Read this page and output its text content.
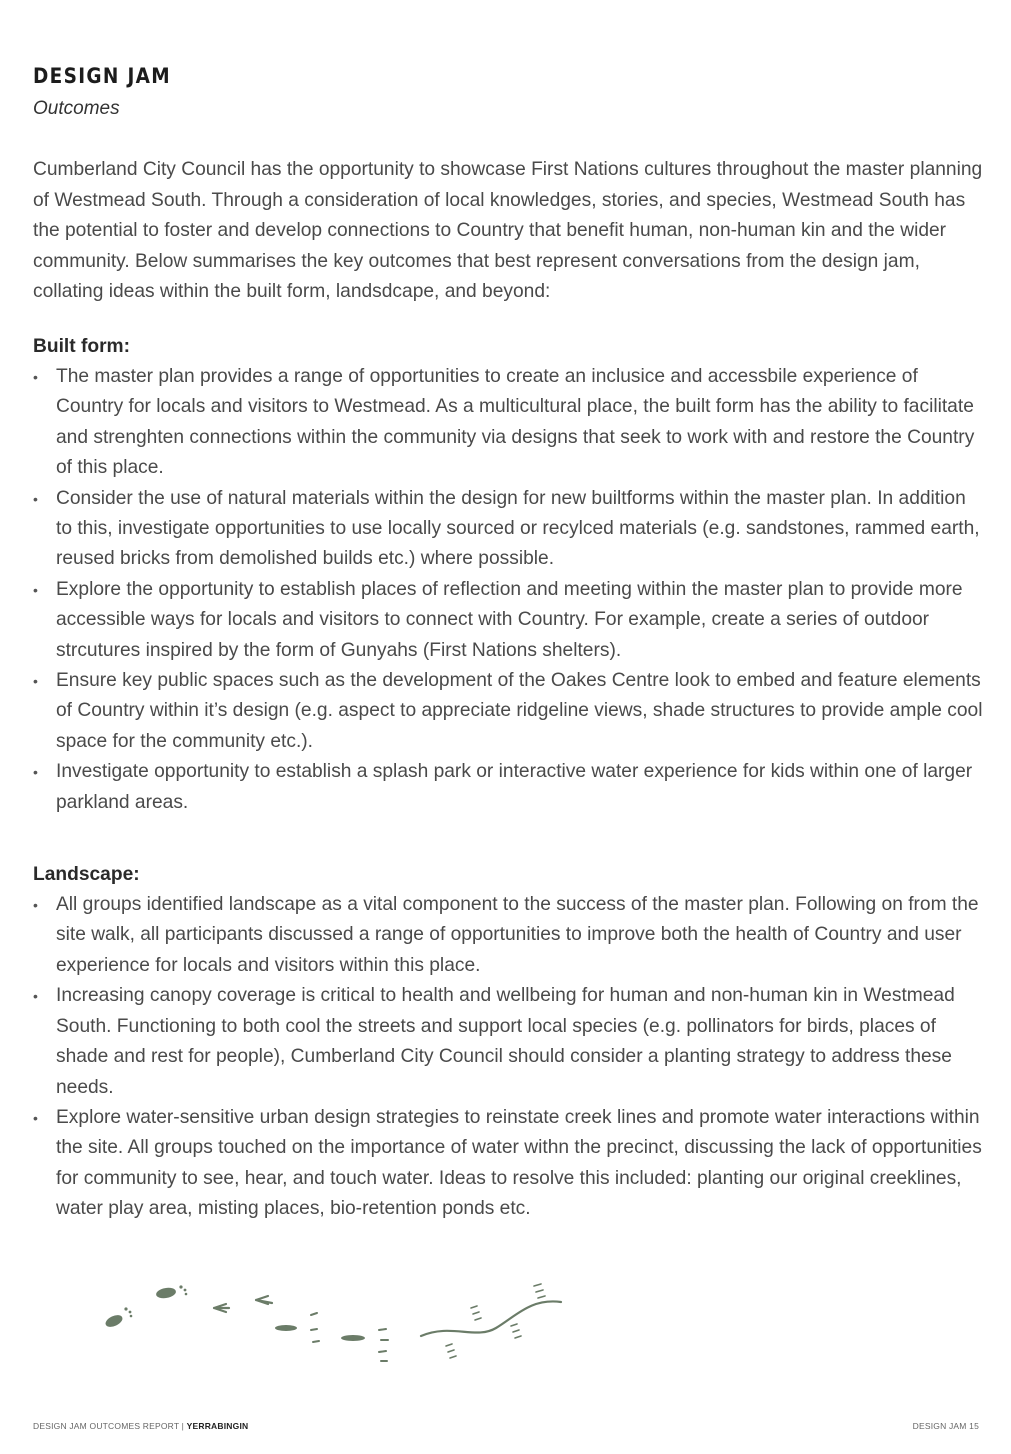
DESIGN JAM

Outcomes

Cumberland City Council has the opportunity to showcase First Nations cultures throughout the master planning of Westmead South. Through a consideration of local knowledges, stories, and species, Westmead South has the potential to foster and develop connections to Country that benefit human, non-human kin and the wider community. Below summarises the key outcomes that best represent conversations from the design jam, collating ideas within the built form, landsdcape, and beyond:

Built form:
• The master plan provides a range of opportunities to create an inclusice and accessbile experience of Country for locals and visitors to Westmead. As a multicultural place, the built form has the ability to facilitate and strenghten connections within the community via designs that seek to work with and restore the Country of this place.
• Consider the use of natural materials within the design for new builtforms within the master plan. In addition to this, investigate opportunities to use locally sourced or recylced materials (e.g. sandstones, rammed earth, reused bricks from demolished builds etc.) where possible.
• Explore the opportunity to establish places of reflection and meeting within the master plan to provide more accessible ways for locals and visitors to connect with Country. For example, create a series of outdoor strcutures inspired by the form of Gunyahs (First Nations shelters).
• Ensure key public spaces such as the development of the Oakes Centre look to embed and feature elements of Country within it’s design (e.g. aspect to appreciate ridgeline views, shade structures to provide ample cool space for the community etc.).
• Investigate opportunity to establish a splash park or interactive water experience for kids within one of larger parkland areas.
Landscape:
• All groups identified landscape as a vital component to the success of the master plan. Following on from the site walk, all participants discussed a range of opportunities to improve both the health of Country and user experience for locals and visitors within this place.
• Increasing canopy coverage is critical to health and wellbeing for human and non-human kin in Westmead South. Functioning to both cool the streets and support local species (e.g. pollinators for birds, places of shade and rest for people), Cumberland City Council should consider a planting strategy to address these needs.
• Explore water-sensitive urban design strategies to reinstate creek lines and promote water interactions within the site. All groups touched on the importance of water withn the precinct, discussing the lack of opportunities for community to see, hear, and touch water. Ideas to resolve this included: planting our original creeklines, water play area, misting places, bio-retention ponds etc.
DESIGN JAM OUTCOMES REPORT | YERRABINGIN	DESIGN JAM 15
